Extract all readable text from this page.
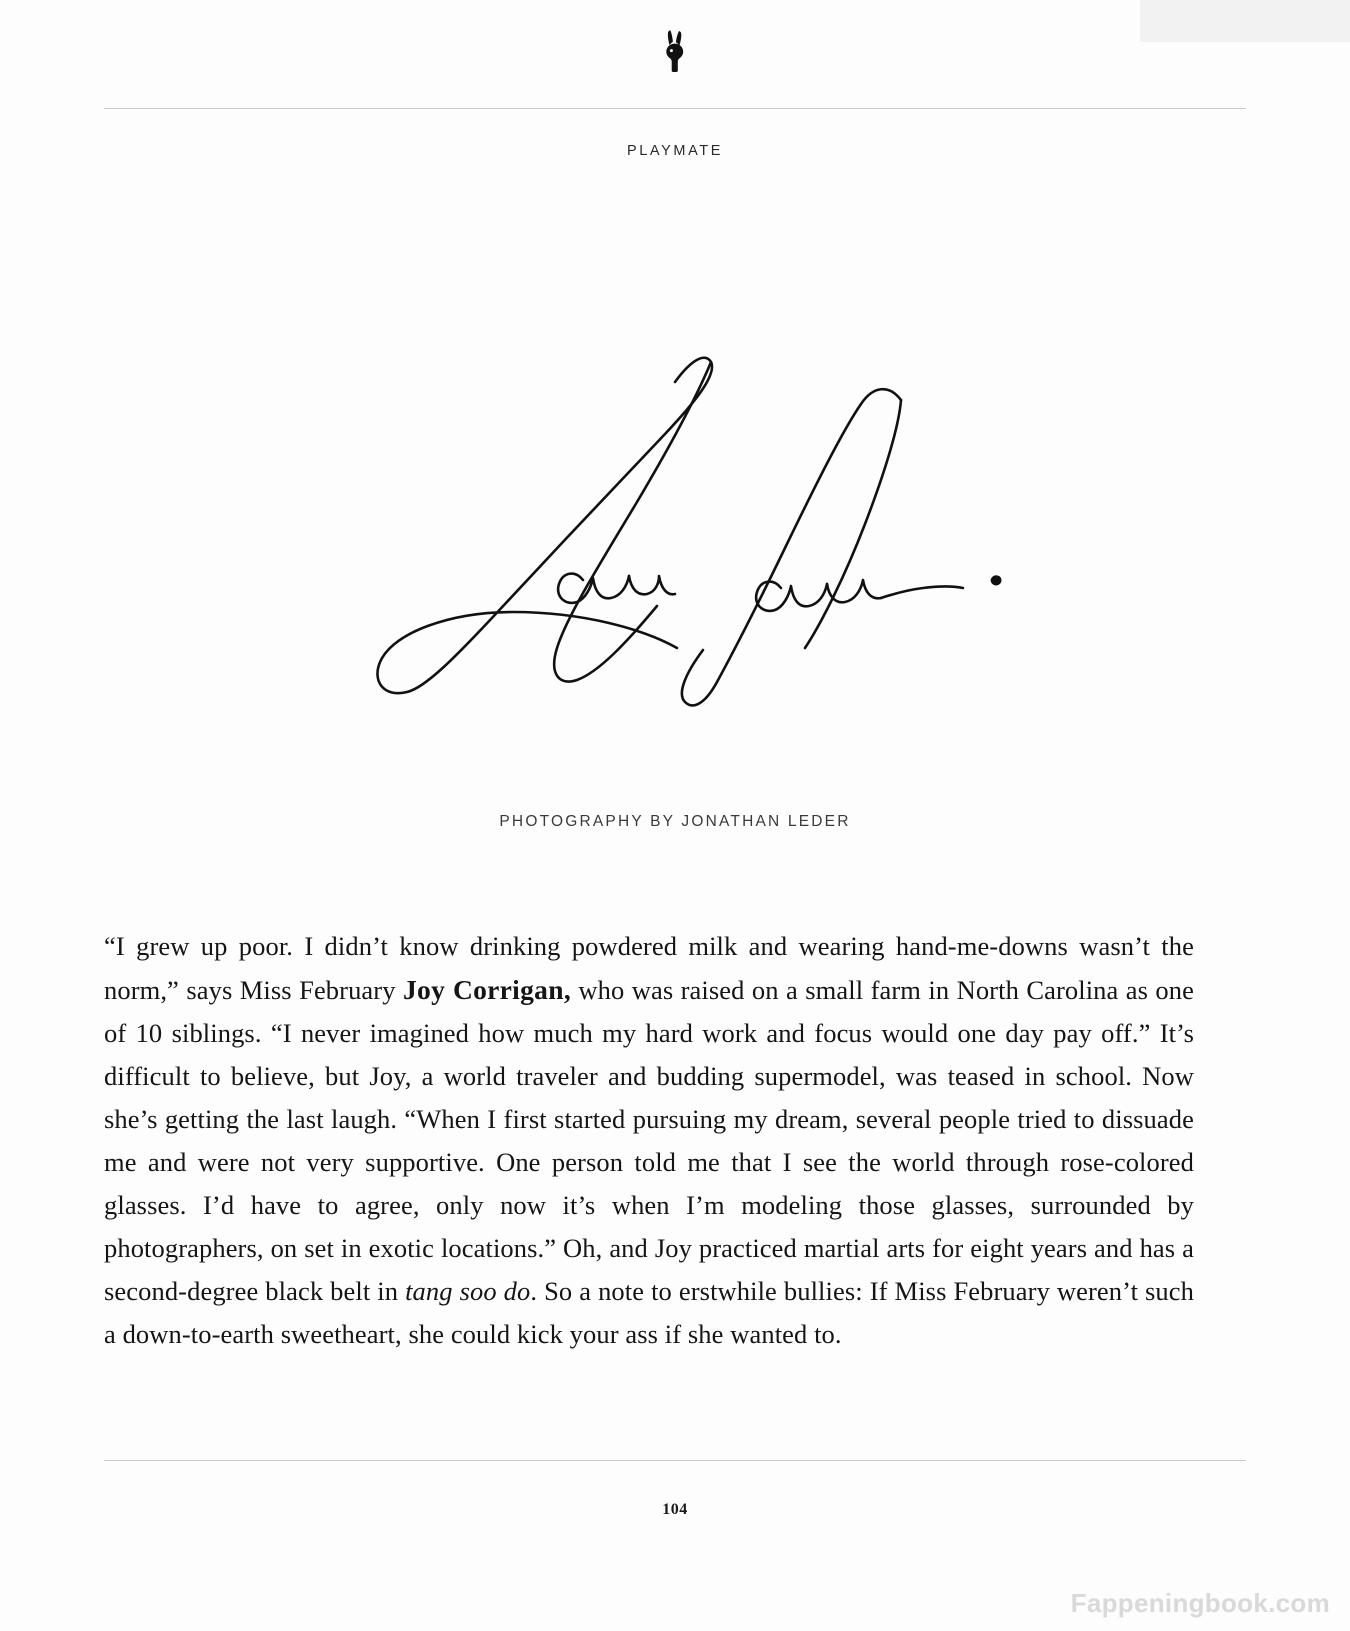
PLAYMATE
PHOTOGRAPHY BY JONATHAN LEDER
“I grew up poor. I didn’t know drinking powdered milk and wearing hand-me-downs wasn’t the norm,” says Miss February Joy Corrigan, who was raised on a small farm in North Carolina as one of 10 siblings. “I never imagined how much my hard work and focus would one day pay off.” It’s difficult to believe, but Joy, a world traveler and budding supermodel, was teased in school. Now she’s getting the last laugh. “When I first started pursuing my dream, several people tried to dissuade me and were not very supportive. One person told me that I see the world through rose-colored glasses. I’d have to agree, only now it’s when I’m modeling those glasses, surrounded by photographers, on set in exotic locations.” Oh, and Joy practiced martial arts for eight years and has a second-degree black belt in tang soo do. So a note to erstwhile bullies: If Miss February weren’t such a down-to-earth sweetheart, she could kick your ass if she wanted to.
104
Fappeningbook.com
